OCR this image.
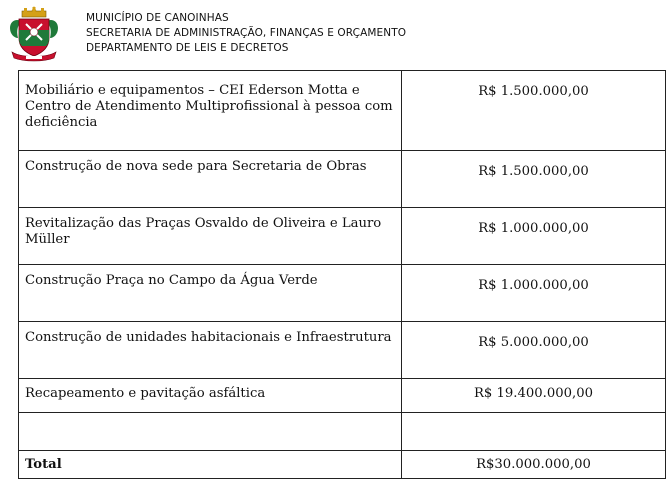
MUNICÍPIO DE CANOINHAS
SECRETARIA DE ADMINISTRAÇÃO, FINANÇAS E ORÇAMENTO
DEPARTAMENTO DE LEIS E DECRETOS
Mobiliário e equipamentos – CEI Ederson Motta e Centro de Atendimento Multiprofissional à pessoa com deficiência	R$ 1.500.000,00
Construção de nova sede para Secretaria de Obras	R$ 1.500.000,00
Revitalização das Praças Osvaldo de Oliveira e Lauro Müller	R$ 1.000.000,00
Construção Praça no Campo da Água Verde	R$ 1.000.000,00
Construção de unidades habitacionais e Infraestrutura	R$ 5.000.000,00
Recapeamento e pavitação asfáltica	R$ 19.400.000,00

Total	R$30.000.000,00
